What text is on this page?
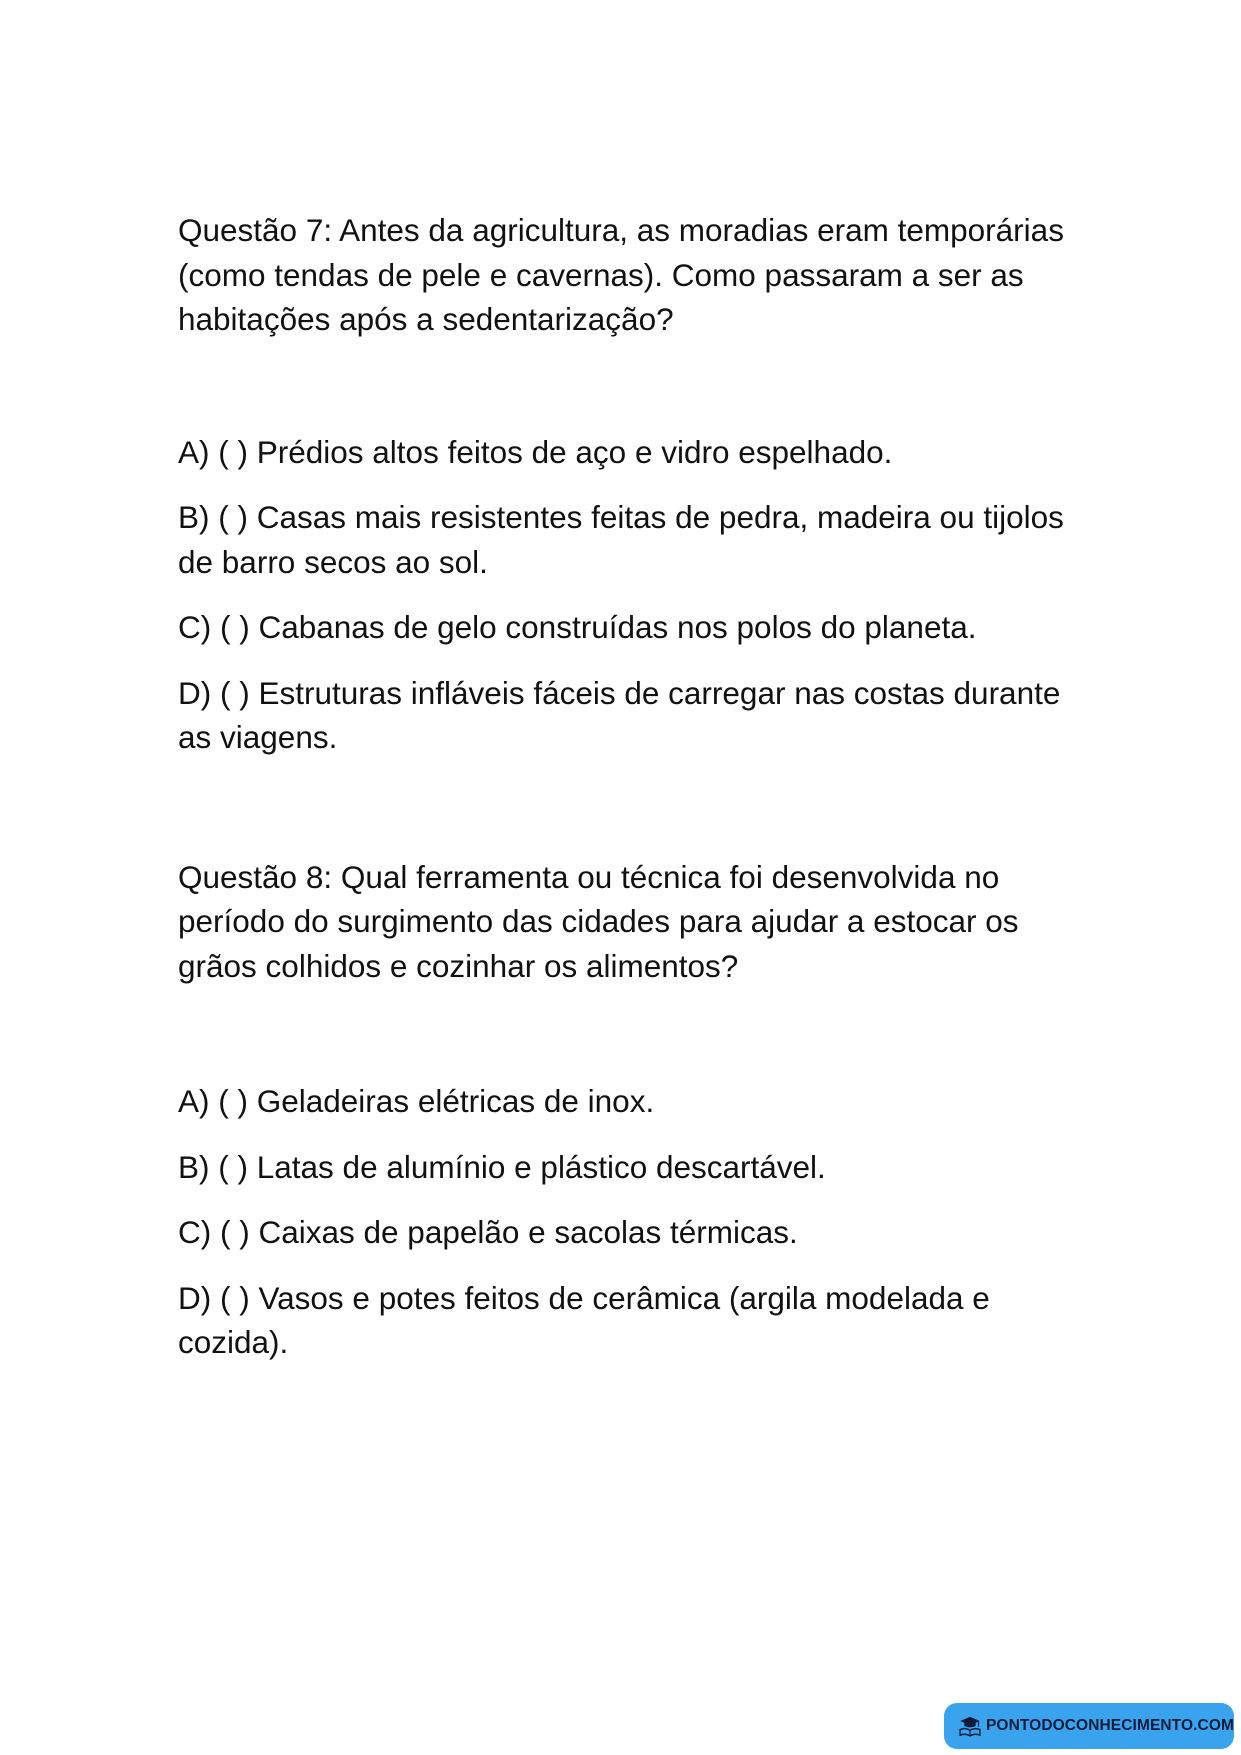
Questão 7: Antes da agricultura, as moradias eram temporárias (como tendas de pele e cavernas). Como passaram a ser as habitações após a sedentarização?

A) ( ) Prédios altos feitos de aço e vidro espelhado.

B) ( ) Casas mais resistentes feitas de pedra, madeira ou tijolos de barro secos ao sol.

C) ( ) Cabanas de gelo construídas nos polos do planeta.

D) ( ) Estruturas infláveis fáceis de carregar nas costas durante as viagens.

Questão 8: Qual ferramenta ou técnica foi desenvolvida no período do surgimento das cidades para ajudar a estocar os grãos colhidos e cozinhar os alimentos?

A) ( ) Geladeiras elétricas de inox.

B) ( ) Latas de alumínio e plástico descartável.

C) ( ) Caixas de papelão e sacolas térmicas.

D) ( ) Vasos e potes feitos de cerâmica (argila modelada e cozida).

PONTODOCONHECIMENTO.COM
